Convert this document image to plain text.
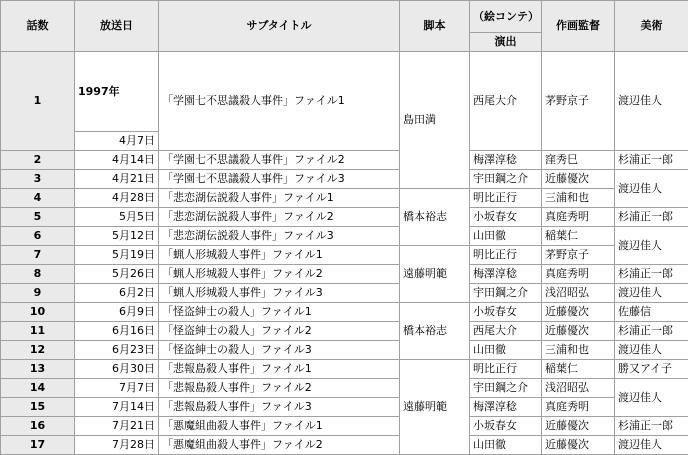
話数	放送日	サブタイトル	脚本	（絵コンテ）	作画監督	美術
				演出		
1	1997年	「学園七不思議殺人事件」ファイル1	島田満	西尾大介	茅野京子	渡辺佳人
	4月7日					
2	4月14日	「学園七不思議殺人事件」ファイル2		梅澤淳稔	窪秀巳	杉浦正一郎
3	4月21日	「学園七不思議殺人事件」ファイル3		宇田鋼之介	近藤優次	渡辺佳人
4	4月28日	「悲恋湖伝説殺人事件」ファイル1	橋本裕志	明比正行	三浦和也	
5	5月5日	「悲恋湖伝説殺人事件」ファイル2		小坂春女	真庭秀明	杉浦正一郎
6	5月12日	「悲恋湖伝説殺人事件」ファイル3		山田徹	稲葉仁	渡辺佳人
7	5月19日	「蝋人形城殺人事件」ファイル1	遠藤明範	明比正行	茅野京子	
8	5月26日	「蝋人形城殺人事件」ファイル2		梅澤淳稔	真庭秀明	杉浦正一郎
9	6月2日	「蝋人形城殺人事件」ファイル3		宇田鋼之介	浅沼昭弘	渡辺佳人
10	6月9日	「怪盗紳士の殺人」ファイル1	橋本裕志	小坂春女	近藤優次	佐藤信
11	6月16日	「怪盗紳士の殺人」ファイル2		西尾大介	近藤優次	杉浦正一郎
12	6月23日	「怪盗紳士の殺人」ファイル3		山田徹	三浦和也	渡辺佳人
13	6月30日	「悲報島殺人事件」ファイル1	遠藤明範	明比正行	稲葉仁	勝又アイ子
14	7月7日	「悲報島殺人事件」ファイル2		宇田鋼之介	浅沼昭弘	渡辺佳人
15	7月14日	「悲報島殺人事件」ファイル3		梅澤淳稔	真庭秀明	
16	7月21日	「悪魔組曲殺人事件」ファイル1		小坂春女	近藤優次	杉浦正一郎
17	7月28日	「悪魔組曲殺人事件」ファイル2		山田徹	近藤優次	渡辺佳人
